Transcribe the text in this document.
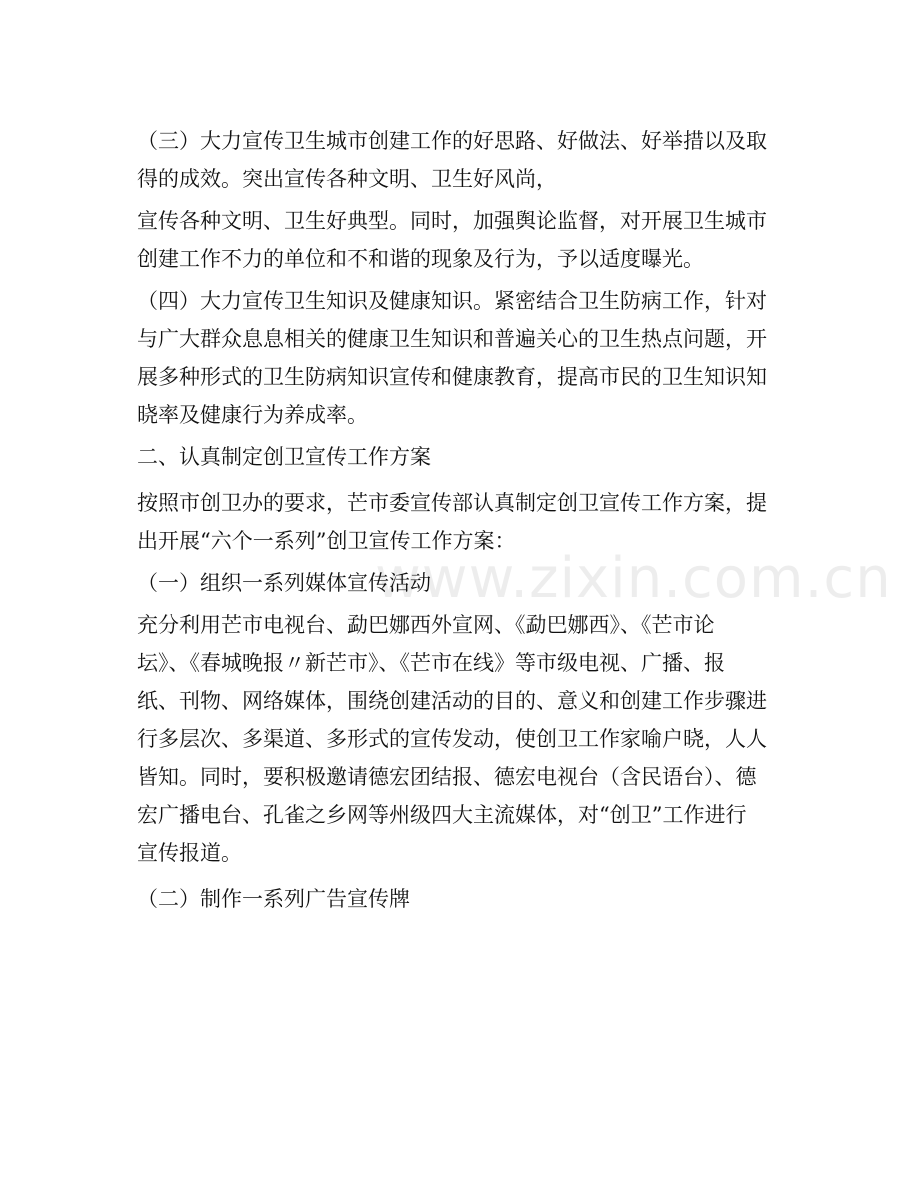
（三）大力宣传卫生城市创建工作的好思路、好做法、好举措以及取
得的成效。突出宣传各种文明、卫生好风尚，

宣传各种文明、卫生好典型。同时，加强舆论监督，对开展卫生城市
创建工作不力的单位和不和谐的现象及行为，予以适度曝光。

（四）大力宣传卫生知识及健康知识。紧密结合卫生防病工作，针对
与广大群众息息相关的健康卫生知识和普遍关心的卫生热点问题，开
展多种形式的卫生防病知识宣传和健康教育，提高市民的卫生知识知
晓率及健康行为养成率。

二、认真制定创卫宣传工作方案

按照市创卫办的要求，芒市委宣传部认真制定创卫宣传工作方案，提
出开展“六个一系列”创卫宣传工作方案：

（一）组织一系列媒体宣传活动

充分利用芒市电视台、勐巴娜西外宣网、《勐巴娜西》、《芒市论
坛》、《春城晚报〃新芒市》、《芒市在线》等市级电视、广播、报
纸、刊物、网络媒体，围绕创建活动的目的、意义和创建工作步骤进
行多层次、多渠道、多形式的宣传发动，使创卫工作家喻户晓，人人
皆知。同时，要积极邀请德宏团结报、德宏电视台（含民语台）、德
宏广播电台、孔雀之乡网等州级四大主流媒体，对“创卫”工作进行
宣传报道。

（二）制作一系列广告宣传牌

www.zixin.com.cn
